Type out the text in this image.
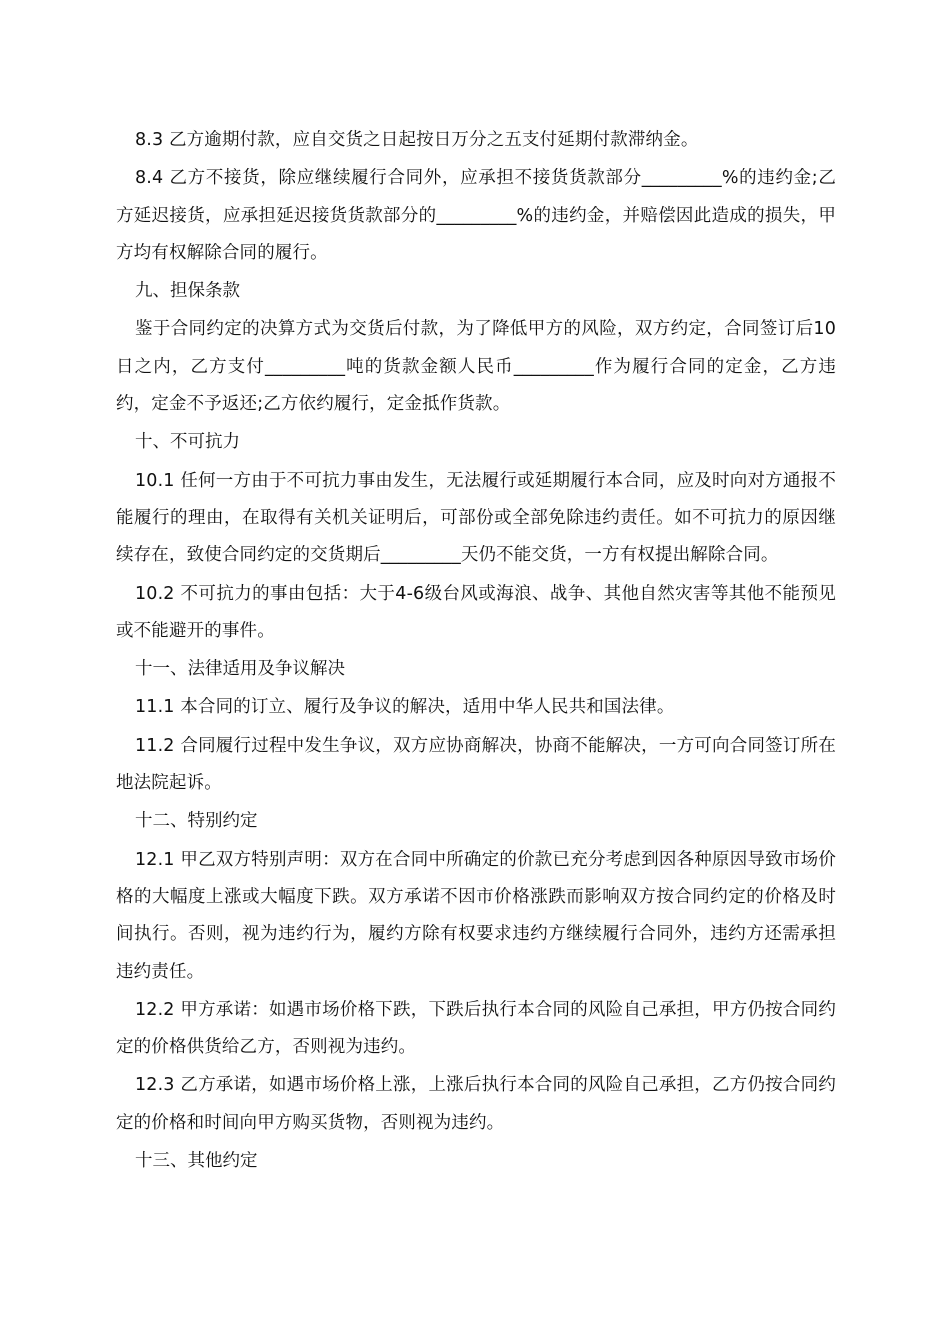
8.3 乙方逾期付款，应自交货之日起按日万分之五支付延期付款滞纳金。

8.4 乙方不接货，除应继续履行合同外，应承担不接货货款部分_________%的违约金;乙方延迟接货，应承担延迟接货货款部分的_________%的违约金，并赔偿因此造成的损失，甲方均有权解除合同的履行。

九、担保条款

鉴于合同约定的决算方式为交货后付款，为了降低甲方的风险，双方约定，合同签订后10日之内，乙方支付_________吨的货款金额人民币_________作为履行合同的定金，乙方违约，定金不予返还;乙方依约履行，定金抵作货款。

十、不可抗力

10.1 任何一方由于不可抗力事由发生，无法履行或延期履行本合同，应及时向对方通报不能履行的理由，在取得有关机关证明后，可部份或全部免除违约责任。如不可抗力的原因继续存在，致使合同约定的交货期后_________天仍不能交货，一方有权提出解除合同。

10.2 不可抗力的事由包括：大于4-6级台风或海浪、战争、其他自然灾害等其他不能预见或不能避开的事件。

十一、法律适用及争议解决

11.1 本合同的订立、履行及争议的解决，适用中华人民共和国法律。

11.2 合同履行过程中发生争议，双方应协商解决，协商不能解决，一方可向合同签订所在地法院起诉。

十二、特别约定

12.1 甲乙双方特别声明：双方在合同中所确定的价款已充分考虑到因各种原因导致市场价格的大幅度上涨或大幅度下跌。双方承诺不因市价格涨跌而影响双方按合同约定的价格及时间执行。否则，视为违约行为，履约方除有权要求违约方继续履行合同外，违约方还需承担违约责任。

12.2 甲方承诺：如遇市场价格下跌，下跌后执行本合同的风险自己承担，甲方仍按合同约定的价格供货给乙方，否则视为违约。

12.3 乙方承诺，如遇市场价格上涨，上涨后执行本合同的风险自己承担，乙方仍按合同约定的价格和时间向甲方购买货物，否则视为违约。

十三、其他约定
